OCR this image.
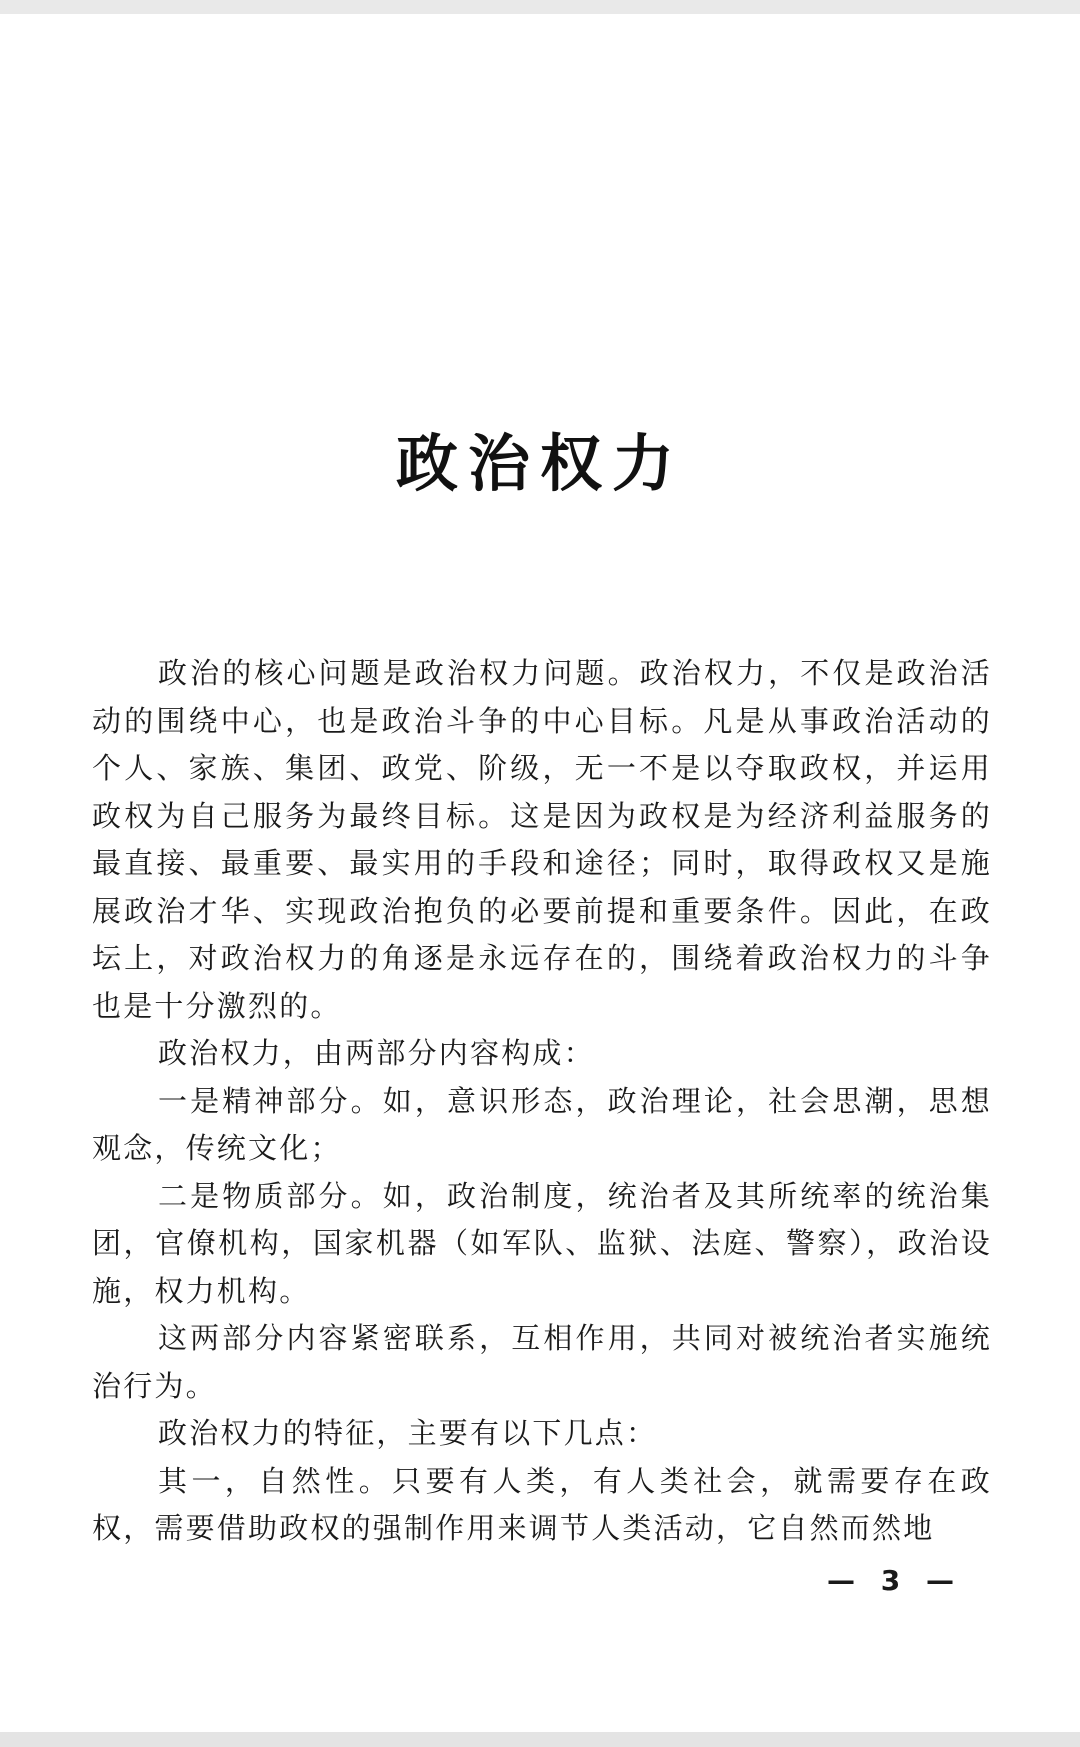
政治权力

政治的核心问题是政治权力问题。政治权力，不仅是政治活动的围绕中心，也是政治斗争的中心目标。凡是从事政治活动的个人、家族、集团、政党、阶级，无一不是以夺取政权，并运用政权为自己服务为最终目标。这是因为政权是为经济利益服务的最直接、最重要、最实用的手段和途径；同时，取得政权又是施展政治才华、实现政治抱负的必要前提和重要条件。因此，在政坛上，对政治权力的角逐是永远存在的，围绕着政治权力的斗争也是十分激烈的。

政治权力，由两部分内容构成：

一是精神部分。如，意识形态，政治理论，社会思潮，思想观念，传统文化；

二是物质部分。如，政治制度，统治者及其所统率的统治集团，官僚机构，国家机器（如军队、监狱、法庭、警察），政治设施，权力机构。

这两部分内容紧密联系，互相作用，共同对被统治者实施统治行为。

政治权力的特征，主要有以下几点：

其一，自然性。只要有人类，有人类社会，就需要存在政权，需要借助政权的强制作用来调节人类活动，它自然而然地

— 3 —
